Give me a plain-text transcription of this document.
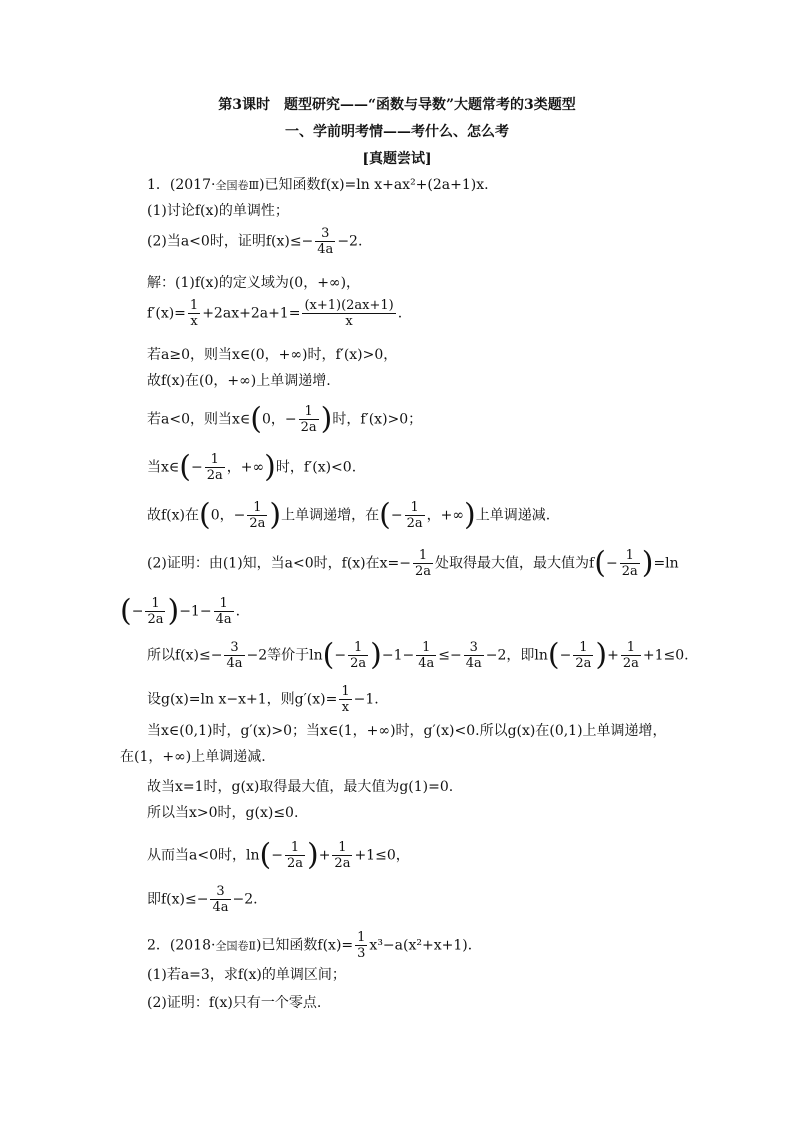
第3课时　题型研究——“函数与导数”大题常考的3类题型
一、学前明考情——考什么、怎么考
[真题尝试]
1．(2017·全国卷Ⅲ)已知函数f(x)=ln x+ax²+(2a+1)x.
(1)讨论f(x)的单调性；
(2)当a<0时，证明$f(x)\le- \frac{3}{4a} -2$.
解：(1)f(x)的定义域为(0，+∞)，
$f'(x)= \frac{1}{x} +2ax+2a+1= \frac{(x+1)(2ax+1)}{x}$ .
若a≥0，则当x∈(0，+∞)时，f′(x)>0，
故f(x)在(0，+∞)上单调递增.
若a<0，则当x∈(0，− $\frac{1}{2a}$ )时，f′(x)>0；
当x∈(− $\frac{1}{2a}$ ，+∞)时，f′(x)<0.
故f(x)在(0，− $\frac{1}{2a}$ )上单调递增，在(− $\frac{1}{2a}$ ，+∞)上单调递减.
(2)证明：由(1)知，当a<0时，f(x)在$x=- \frac{1}{2a}$ 处取得最大值，最大值为$f(- \frac{1}{2a} )=\ln$
(− $\frac{1}{2a} )-1- \frac{1}{4a}$ .
所以$f(x)\le- \frac{3}{4a} -2$等价于$\ln(- \frac{1}{2a} )-1- \frac{1}{4a} \le- \frac{3}{4a} -2$，即$\ln(- \frac{1}{2a}$ )+ $\frac{1}{2a} +1\le 0$.
设g(x)=ln x−x+1，则$g'(x)= \frac{1}{x} -1$.
当x∈(0,1)时，g′(x)>0；当x∈(1，+∞)时，g′(x)<0.所以g(x)在(0,1)上单调递增，
在(1，+∞)上单调递减.
故当x=1时，g(x)取得最大值，最大值为g(1)=0.
所以当x>0时，g(x)≤0.
从而当a<0时，$\ln(- \frac{1}{2a}$ )+ $\frac{1}{2a} +1\le 0$，
即$f(x)\le- \frac{3}{4a} -2$.
2．(2018·全国卷Ⅱ)已知函数$f(x)= \frac{1}{3} x^3-a(x^2+x+1)$．
(1)若a=3，求f(x)的单调区间；
(2)证明：f(x)只有一个零点.
